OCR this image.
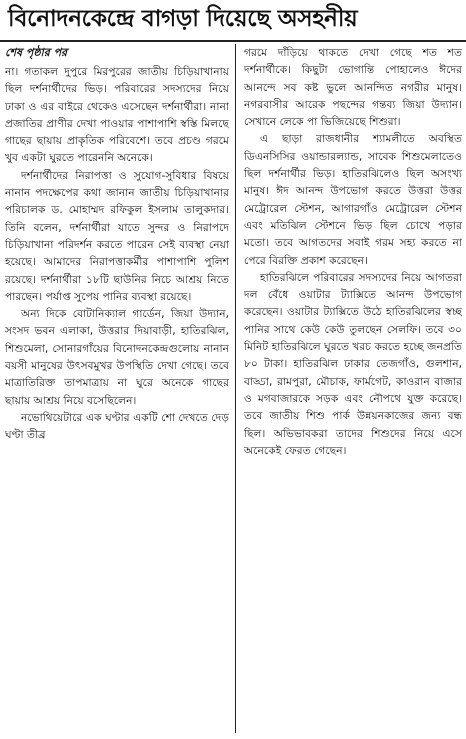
বিনোদনকেন্দ্রে বাগড়া দিয়েছে অসহনীয়
শেষ পৃষ্ঠার পর

না। গতাকল দুপুরে মিরপুরের জাতীয় চিড়িয়াখানায় ছিল দর্শনার্থীদের ভিড়। পরিবারের সদস্যদের নিয়ে ঢাকা ও এর বাইরে থেকেও এসেছেন দর্শনার্থীরা। নানা প্রজাতির প্রাণীর দেখা পাওয়ার পাশাপাশি স্বস্তি মিলছে গাছের ছায়ায় প্রাকৃতিক পরিবেশে। তবে প্রচণ্ড গরমে খুব একটা ঘুরতে পারেননি অনেকে।

দর্শনার্থীদের নিরাপত্তা ও সুযোগ-সুবিধার বিষয়ে নানান পদক্ষেপের কথা জানান জাতীয় চিড়িয়াখানার পরিচালক ড. মোহাম্মদ রফিকুল ইসলাম তালুকদার। তিনি বলেন, দর্শনার্থীরা যাতে সুন্দর ও নিরাপদে চিড়িয়াখানা পরিদর্শন করতে পারেন সেই ব্যবস্থা নেয়া হয়েছে। আমাদের নিরাপত্তাকর্মীর পাশাপাশি পুলিশ রয়েছে। দর্শনার্থীরা ১৮টি ছাউনির নিচে আশ্রয় নিতে পারছেন। পর্যাপ্ত সুপেয় পানির ব্যবস্থা রয়েছে।

অন্য দিকে বোটানিক্যাল গার্ডেন, জিয়া উদ্যান, সংসদ ভবন এলাকা, উত্তরার দিয়াবাড়ী, হাতিরঝিল, শিশুমেলা, সোনারগাঁয়ের বিনোদনকেন্দ্রগুলোয় নানান বয়সী মানুষের উৎসবমুখর উপস্থিতি দেখা গেছে। তবে মাত্রাতিরিক্ত তাপমাত্রায় না ঘুরে অনেকে গাছের ছায়ায় আশ্রয় নিয়ে বসেছিলেন।

নভোথিয়েটারে এক ঘণ্টার একটি শো দেখতে দেড় ঘণ্টা তীব্র

গরমে দাঁড়িয়ে থাকতে দেখা গেছে শত শত দর্শনার্থীকে। কিছুটা ভোগান্তি পোহালেও ঈদের আনন্দে সব কষ্ট ভুলে আনন্দিত নগরীর মানুষ। নগরবাসীর আরেক পছন্দের গন্তব্য জিয়া উদ্যান। সেখানে লেকে পা ভিজিয়েছে শিশুরা।

এ ছাড়া রাজধানীর শ্যামলীতে অবস্থিত ডিএনসিসির ওয়ান্ডারল্যান্ড, সাবেক শিশুমেলাতেও ছিল দর্শনার্থীর ভিড়। হাতিরঝিলেও ছিল অসংখ্য মানুষ। ঈদ আনন্দ উপভোগ করতে উত্তরা উত্তর মেট্রোরেল স্টেশন, আগারগাঁও মেট্রোরেল স্টেশন এবং মতিঝিল স্টেশনে ভিড় ছিল চোখে পড়ার মতো। তবে আগতদের সবাই গরম সহ্য করতে না পেরে বিরক্তি প্রকাশ করেছেন।

হাতিরঝিলে পরিবারের সদস্যদের নিয়ে আগতরা দল বেঁধে ওয়াটার ট্যাক্সিতে আনন্দ উপভোগ করেছেন। ওয়াটার ট্যাক্সিতে উঠে হাতিরঝিলের স্বচ্ছ পানির সাথে কেউ কেউ তুলছেন সেলফি। তবে ৩০ মিনিট হাতিরঝিলে ঘুরতে খরচ করতে হচ্ছে জনপ্রতি ৮০ টাকা। হাতিরঝিল ঢাকার তেজগাঁও, গুলশান, বাড্ডা, রামপুরা, মৌচাক, ফার্মগেট, কাওরান বাজার ও মগবাজারকে সড়ক এবং নৌপথে যুক্ত করেছে। তবে জাতীয় শিশু পার্ক উন্নয়নকাজের জন্য বন্ধ ছিল। অভিভাবকরা তাদের শিশুদের নিয়ে এসে অনেকেই ফেরত গেছেন।
